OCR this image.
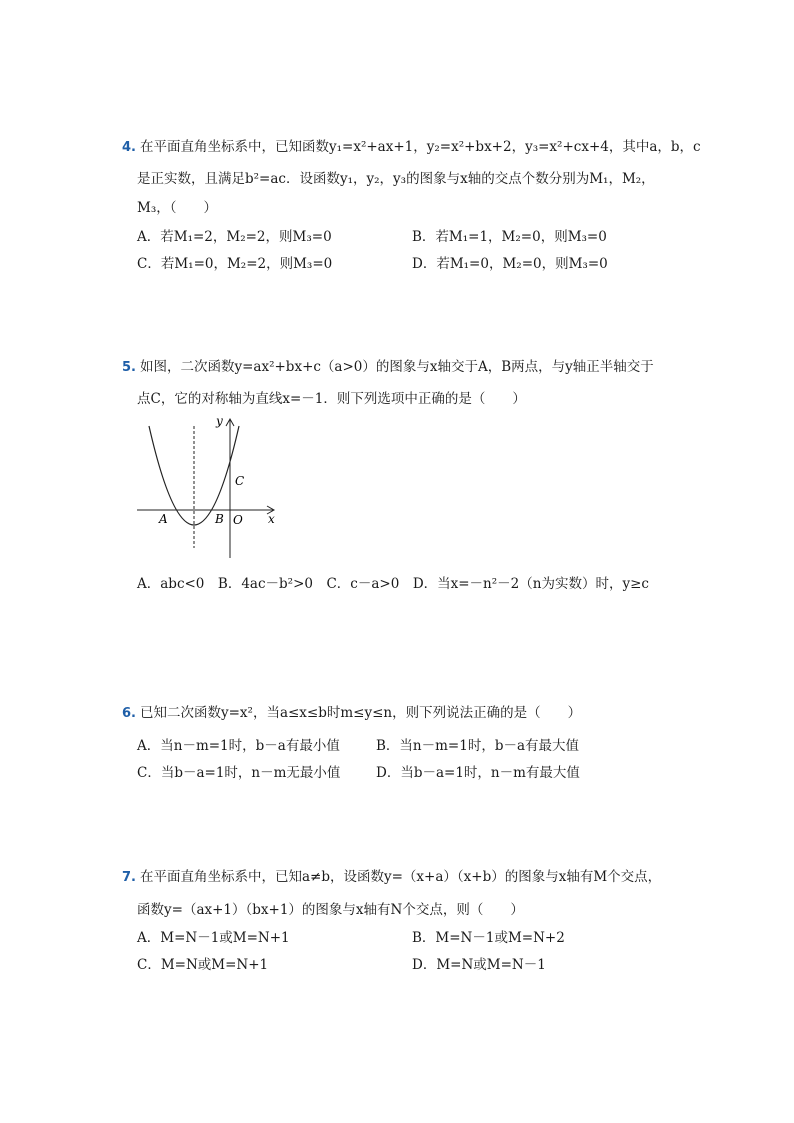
4. 在平面直角坐标系中，已知函数y₁=x²+ax+1，y₂=x²+bx+2，y₃=x²+cx+4，其中a，b，c
是正实数，且满足b²=ac．设函数y₁，y₂，y₃的图象与x轴的交点个数分别为M₁，M₂，
M₃，（　　）
A．若M₁=2，M₂=2，则M₃=0	B．若M₁=1，M₂=0，则M₃=0
C．若M₁=0，M₂=2，则M₃=0	D．若M₁=0，M₂=0，则M₃=0
5. 如图，二次函数y=ax²+bx+c（a>0）的图象与x轴交于A，B两点，与y轴正半轴交于
点C，它的对称轴为直线x=－1．则下列选项中正确的是（　　）
y
x
C
A	B O
A．abc<0　B．4ac－b²>0　C．c－a>0　D．当x=－n²－2（n为实数）时，y≥c
6. 已知二次函数y=x²，当a≤x≤b时m≤y≤n，则下列说法正确的是（　　）
A．当n－m=1时，b－a有最小值	B．当n－m=1时，b－a有最大值
C．当b－a=1时，n－m无最小值	D．当b－a=1时，n－m有最大值
7. 在平面直角坐标系中，已知a≠b，设函数y=（x+a）（x+b）的图象与x轴有M个交点，
函数y=（ax+1）（bx+1）的图象与x轴有N个交点，则（　　）
A．M=N－1或M=N+1	B．M=N－1或M=N+2
C．M=N或M=N+1	D．M=N或M=N－1
